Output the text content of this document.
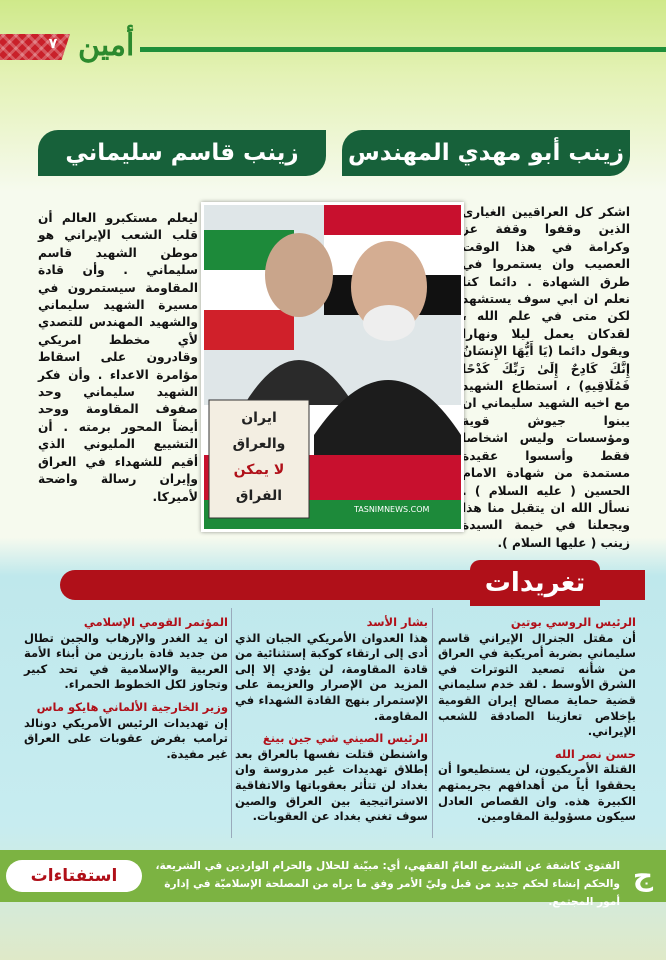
٧ أمين
زينب أبو مهدي المهندس
زينب قاسم سليماني
اشكر كل العراقيين الغيارى الذين وقفوا وقفة عز وكرامة في هذا الوقت العصيب وان يستمروا في طرق الشهادة . دائما كنا نعلم ان ابي سوف يستشهد لكن متى في علم الله ، لقدكان يعمل ليلا ونهارا ويقول دائما (يَا أَيُّهَا الإِنسَانُ إِنَّكَ كَادِحٌ إِلَىٰ رَبِّكَ كَدْحًا فَمُلَاقِيهِ) ، استطاع الشهيد مع اخيه الشهيد سليماني ان يبنوا جيوش قوية ومؤسسات وليس اشخاصا فقط وأسسوا عقيدة مستمدة من شهادة الامام الحسين ( عليه السلام ) . نسأل الله ان يتقبل منا هذا ويجعلنا في خيمة السيدة زينب ( عليها السلام ).
ليعلم مستكبرو العالم أن قلب الشعب الإيراني هو موطن الشهيد قاسم سليماني . وأن قادة المقاومة سيستمرون في مسيرة الشهيد سليماني والشهيد المهندس للتصدي لأي مخطط امريكي وقادرون على اسقاط مؤامرة الاعداء . وأن فكر الشهيد سليماني وحد صفوف المقاومة ووحد أيضاً المحور برمته . أن التشييع المليوني الذي أقيم للشهداء في العراق وإيران رسالة واضحة لأميركا.
ايران
والعراق
لا يمكن
الفراق
TASNIMNEWS.COM
تغريدات

الرئيس الروسي بوتين
أن مقتل الجنرال الإيراني قاسم سليماني بضربة أمريكية في العراق من شأنه تصعيد التوترات في الشرق الأوسط . لقد خدم سليماني قضية حماية مصالح إيران القومية بإخلاص تعازينا الصادقة للشعب الإيراني.

حسن نصر الله
القتلة الأمريكيون، لن يستطيعوا أن يحققوا أياً من أهدافهم بجريمتهم الكبيرة هذه. وان القصاص العادل سيكون مسؤولية المقاومين.

بشار الأسد
هذا العدوان الأمريكي الجبان الذي أدى إلى ارتقاء كوكبة إستثنائية من قادة المقاومة، لن يؤدي إلا إلى المزيد من الإصرار والعزيمة على الإستمرار بنهج القادة الشهداء في المقاومة.

الرئيس الصيني شي جين بينغ
واشنطن قتلت نفسها بالعراق بعد إطلاق تهديدات غير مدروسة وان بغداد لن تتأثر بعقوباتها والاتفاقية الاستراتيجية بين العراق والصين سوف تغني بغداد عن العقوبات.

المؤتمر القومي الإسلامي
ان يد الغدر والإرهاب والجبن تطال من جديد قادة بارزين من أبناء الأمة العربية والإسلامية في تحد كبير وتجاوز لكل الخطوط الحمراء.

وزير الخارجية الألماني هايكو ماس
إن تهديدات الرئيس الأمريكي دونالد ترامب بفرض عقوبات على العراق غير مفيدة.

استفتاءات	الفتوى كاشفة عن التشريع العامّ الفقهي، أي: مبيّنة للحلال والحرام الواردين في الشريعة، والحكم إنشاء لحكم جديد من قبل وليّ الأمر وفق ما يراه من المصلحة الإسلاميّة في إدارة أمور المجتمع.
ج
